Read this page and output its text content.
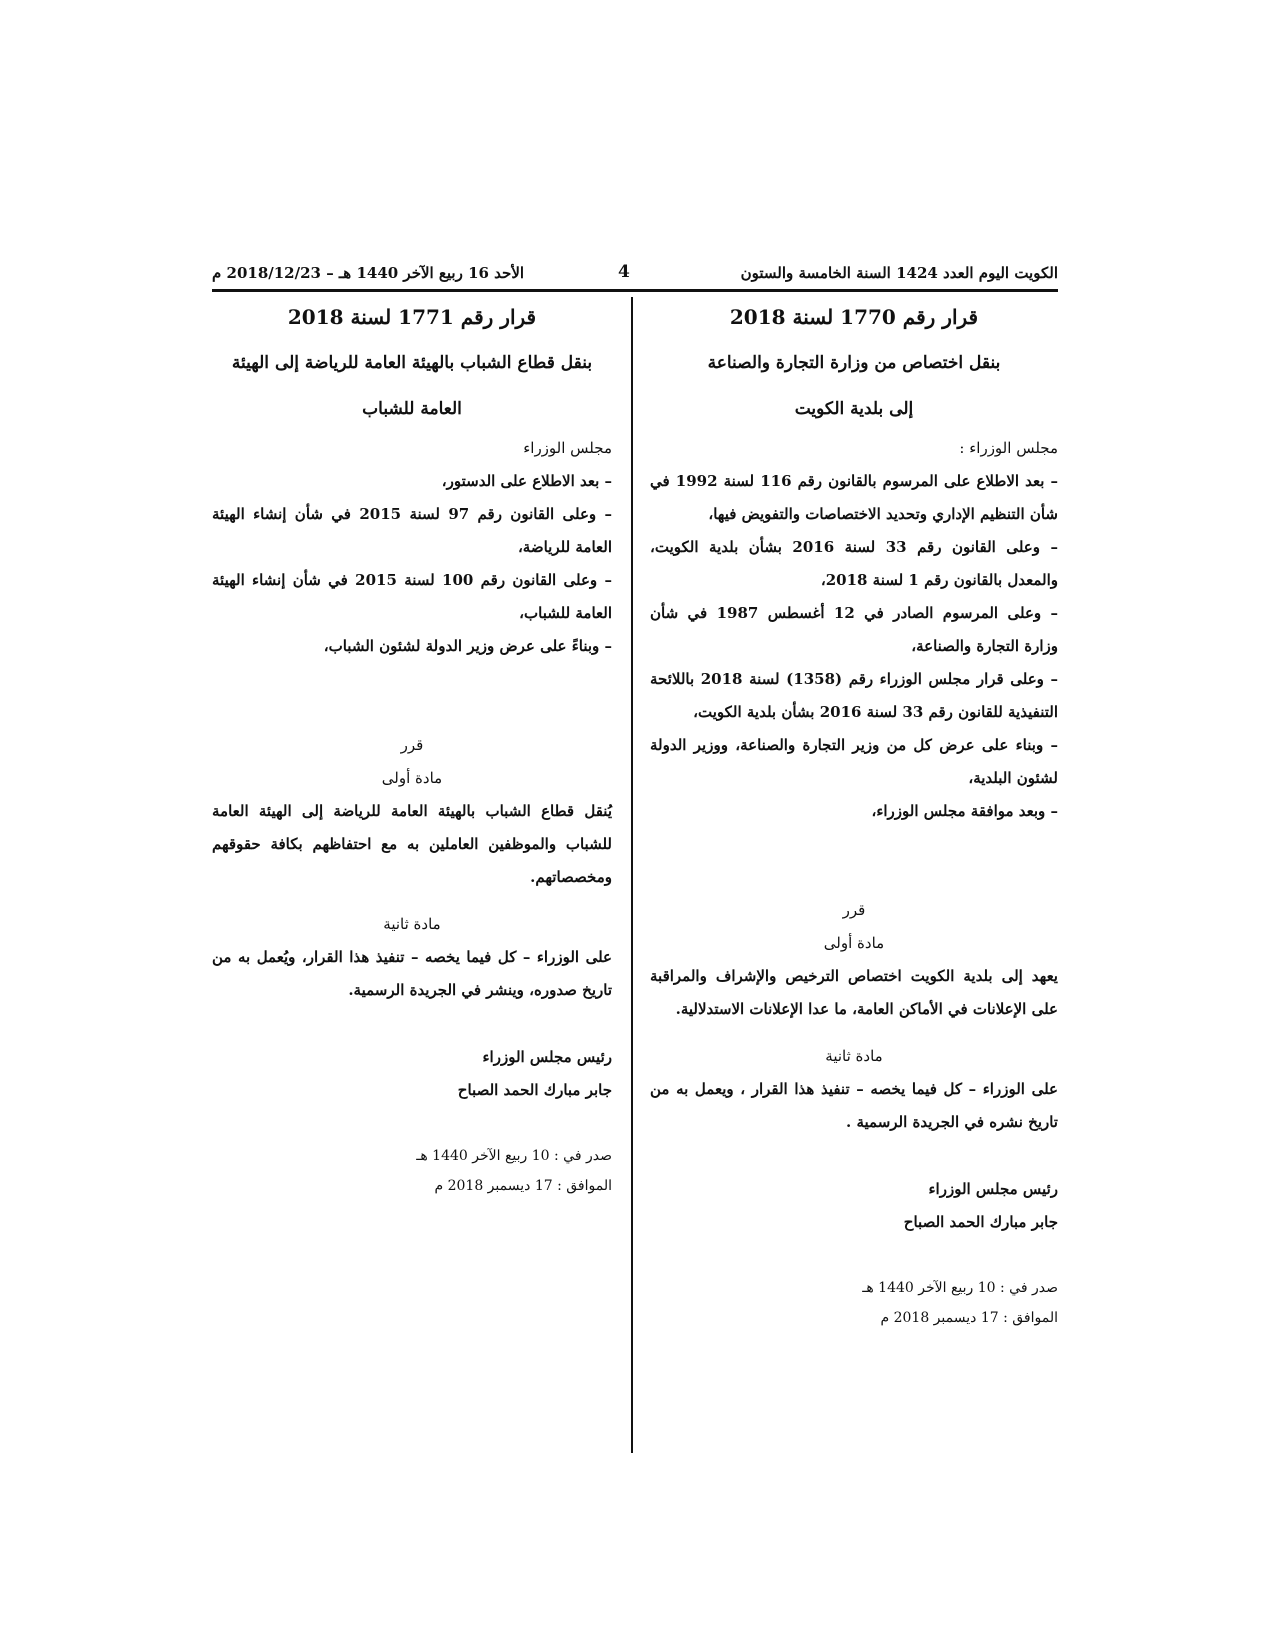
الكويت اليوم العدد 1424 السنة الخامسة والستون
4
الأحد 16 ربيع الآخر 1440 هـ – 2018/12/23 م
قرار رقم 1770 لسنة 2018
بنقل اختصاص من وزارة التجارة والصناعة
إلى بلدية الكويت

مجلس الوزراء :

– بعد الاطلاع على المرسوم بالقانون رقم 116 لسنة 1992 في شأن التنظيم الإداري وتحديد الاختصاصات والتفويض فيها،

– وعلى القانون رقم 33 لسنة 2016 بشأن بلدية الكويت، والمعدل بالقانون رقم 1 لسنة 2018،

– وعلى المرسوم الصادر في 12 أغسطس 1987 في شأن وزارة التجارة والصناعة،

– وعلى قرار مجلس الوزراء رقم (1358) لسنة 2018 باللائحة التنفيذية للقانون رقم 33 لسنة 2016 بشأن بلدية الكويت،

– وبناء على عرض كل من وزير التجارة والصناعة، ووزير الدولة لشئون البلدية،

– وبعد موافقة مجلس الوزراء،

قرر

مادة أولى

يعهد إلى بلدية الكويت اختصاص الترخيص والإشراف والمراقبة على الإعلانات في الأماكن العامة، ما عدا الإعلانات الاستدلالية.

مادة ثانية

على الوزراء – كل فيما يخصه – تنفيذ هذا القرار ، ويعمل به من تاريخ نشره في الجريدة الرسمية .

رئيس مجلس الوزراء

جابر مبارك الحمد الصباح

صدر في : 10 ربيع الآخر 1440 هـ

الموافق : 17 ديسمبر 2018 م

قرار رقم 1771 لسنة 2018
بنقل قطاع الشباب بالهيئة العامة للرياضة إلى الهيئة
العامة للشباب

مجلس الوزراء

– بعد الاطلاع على الدستور،

– وعلى القانون رقم 97 لسنة 2015 في شأن إنشاء الهيئة العامة للرياضة،

– وعلى القانون رقم 100 لسنة 2015 في شأن إنشاء الهيئة العامة للشباب،

– وبناءً على عرض وزير الدولة لشئون الشباب،

قرر

مادة أولى

يُنقل قطاع الشباب بالهيئة العامة للرياضة إلى الهيئة العامة للشباب والموظفين العاملين به مع احتفاظهم بكافة حقوقهم ومخصصاتهم.

مادة ثانية

على الوزراء – كل فيما يخصه – تنفيذ هذا القرار، ويُعمل به من تاريخ صدوره، وينشر في الجريدة الرسمية.

رئيس مجلس الوزراء

جابر مبارك الحمد الصباح

صدر في : 10 ربيع الآخر 1440 هـ

الموافق : 17 ديسمبر 2018 م
